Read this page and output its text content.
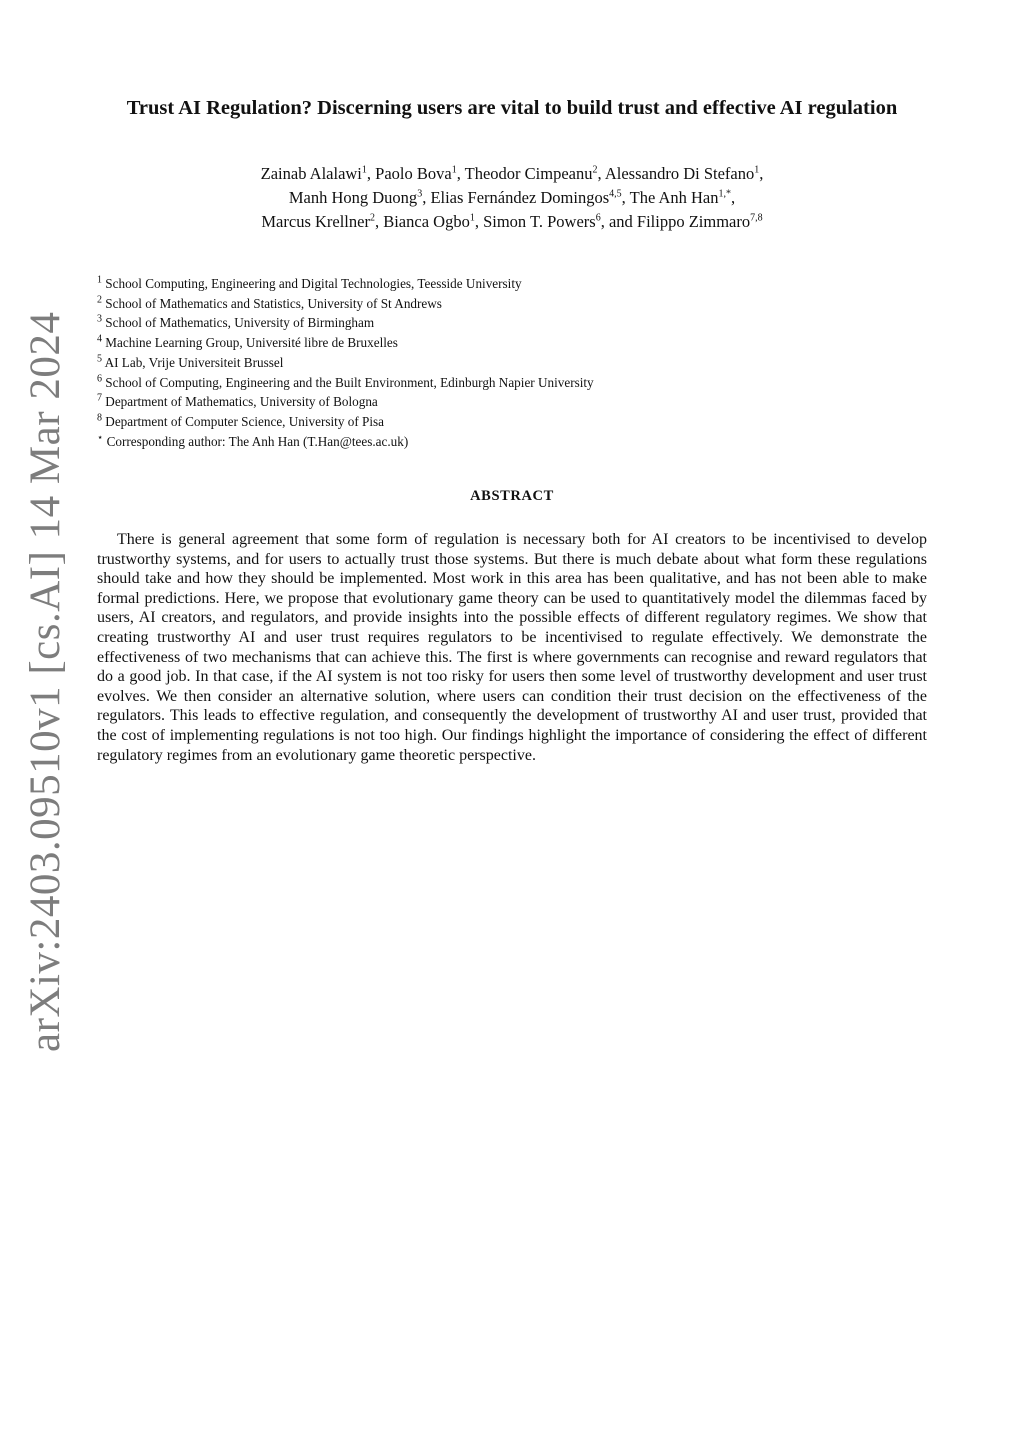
arXiv:2403.09510v1 [cs.AI] 14 Mar 2024
Trust AI Regulation? Discerning users are vital to build trust and effective AI regulation
Zainab Alalawi$^1$, Paolo Bova$^1$, Theodor Cimpeanu$^2$, Alessandro Di Stefano$^1$,
Manh Hong Duong$^3$, Elias Fernández Domingos$^{4,5}$, The Anh Han$^{1,*}$,
Marcus Krellner$^2$, Bianca Ogbo$^1$, Simon T. Powers$^6$, and Filippo Zimmaro$^{7,8}$
$^1$ School Computing, Engineering and Digital Technologies, Teesside University
$^2$ School of Mathematics and Statistics, University of St Andrews
$^3$ School of Mathematics, University of Birmingham
$^4$ Machine Learning Group, Université libre de Bruxelles
$^5$ AI Lab, Vrije Universiteit Brussel
$^6$ School of Computing, Engineering and the Built Environment, Edinburgh Napier University
$^7$ Department of Mathematics, University of Bologna
$^8$ Department of Computer Science, University of Pisa
⋆ Corresponding author: The Anh Han (T.Han@tees.ac.uk)
ABSTRACT
There is general agreement that some form of regulation is necessary both for AI creators to be incentivised to develop trustworthy systems, and for users to actually trust those systems. But there is much debate about what form these regulations should take and how they should be implemented. Most work in this area has been qualitative, and has not been able to make formal predictions. Here, we propose that evolutionary game theory can be used to quantitatively model the dilemmas faced by users, AI creators, and regulators, and provide insights into the possible effects of different regulatory regimes. We show that creating trustworthy AI and user trust requires regulators to be incentivised to regulate effectively. We demonstrate the effectiveness of two mechanisms that can achieve this. The first is where governments can recognise and reward regulators that do a good job. In that case, if the AI system is not too risky for users then some level of trustworthy development and user trust evolves. We then consider an alternative solution, where users can condition their trust decision on the effectiveness of the regulators. This leads to effective regulation, and consequently the development of trustworthy AI and user trust, provided that the cost of implementing regulations is not too high. Our findings highlight the importance of considering the effect of different regulatory regimes from an evolutionary game theoretic perspective.
